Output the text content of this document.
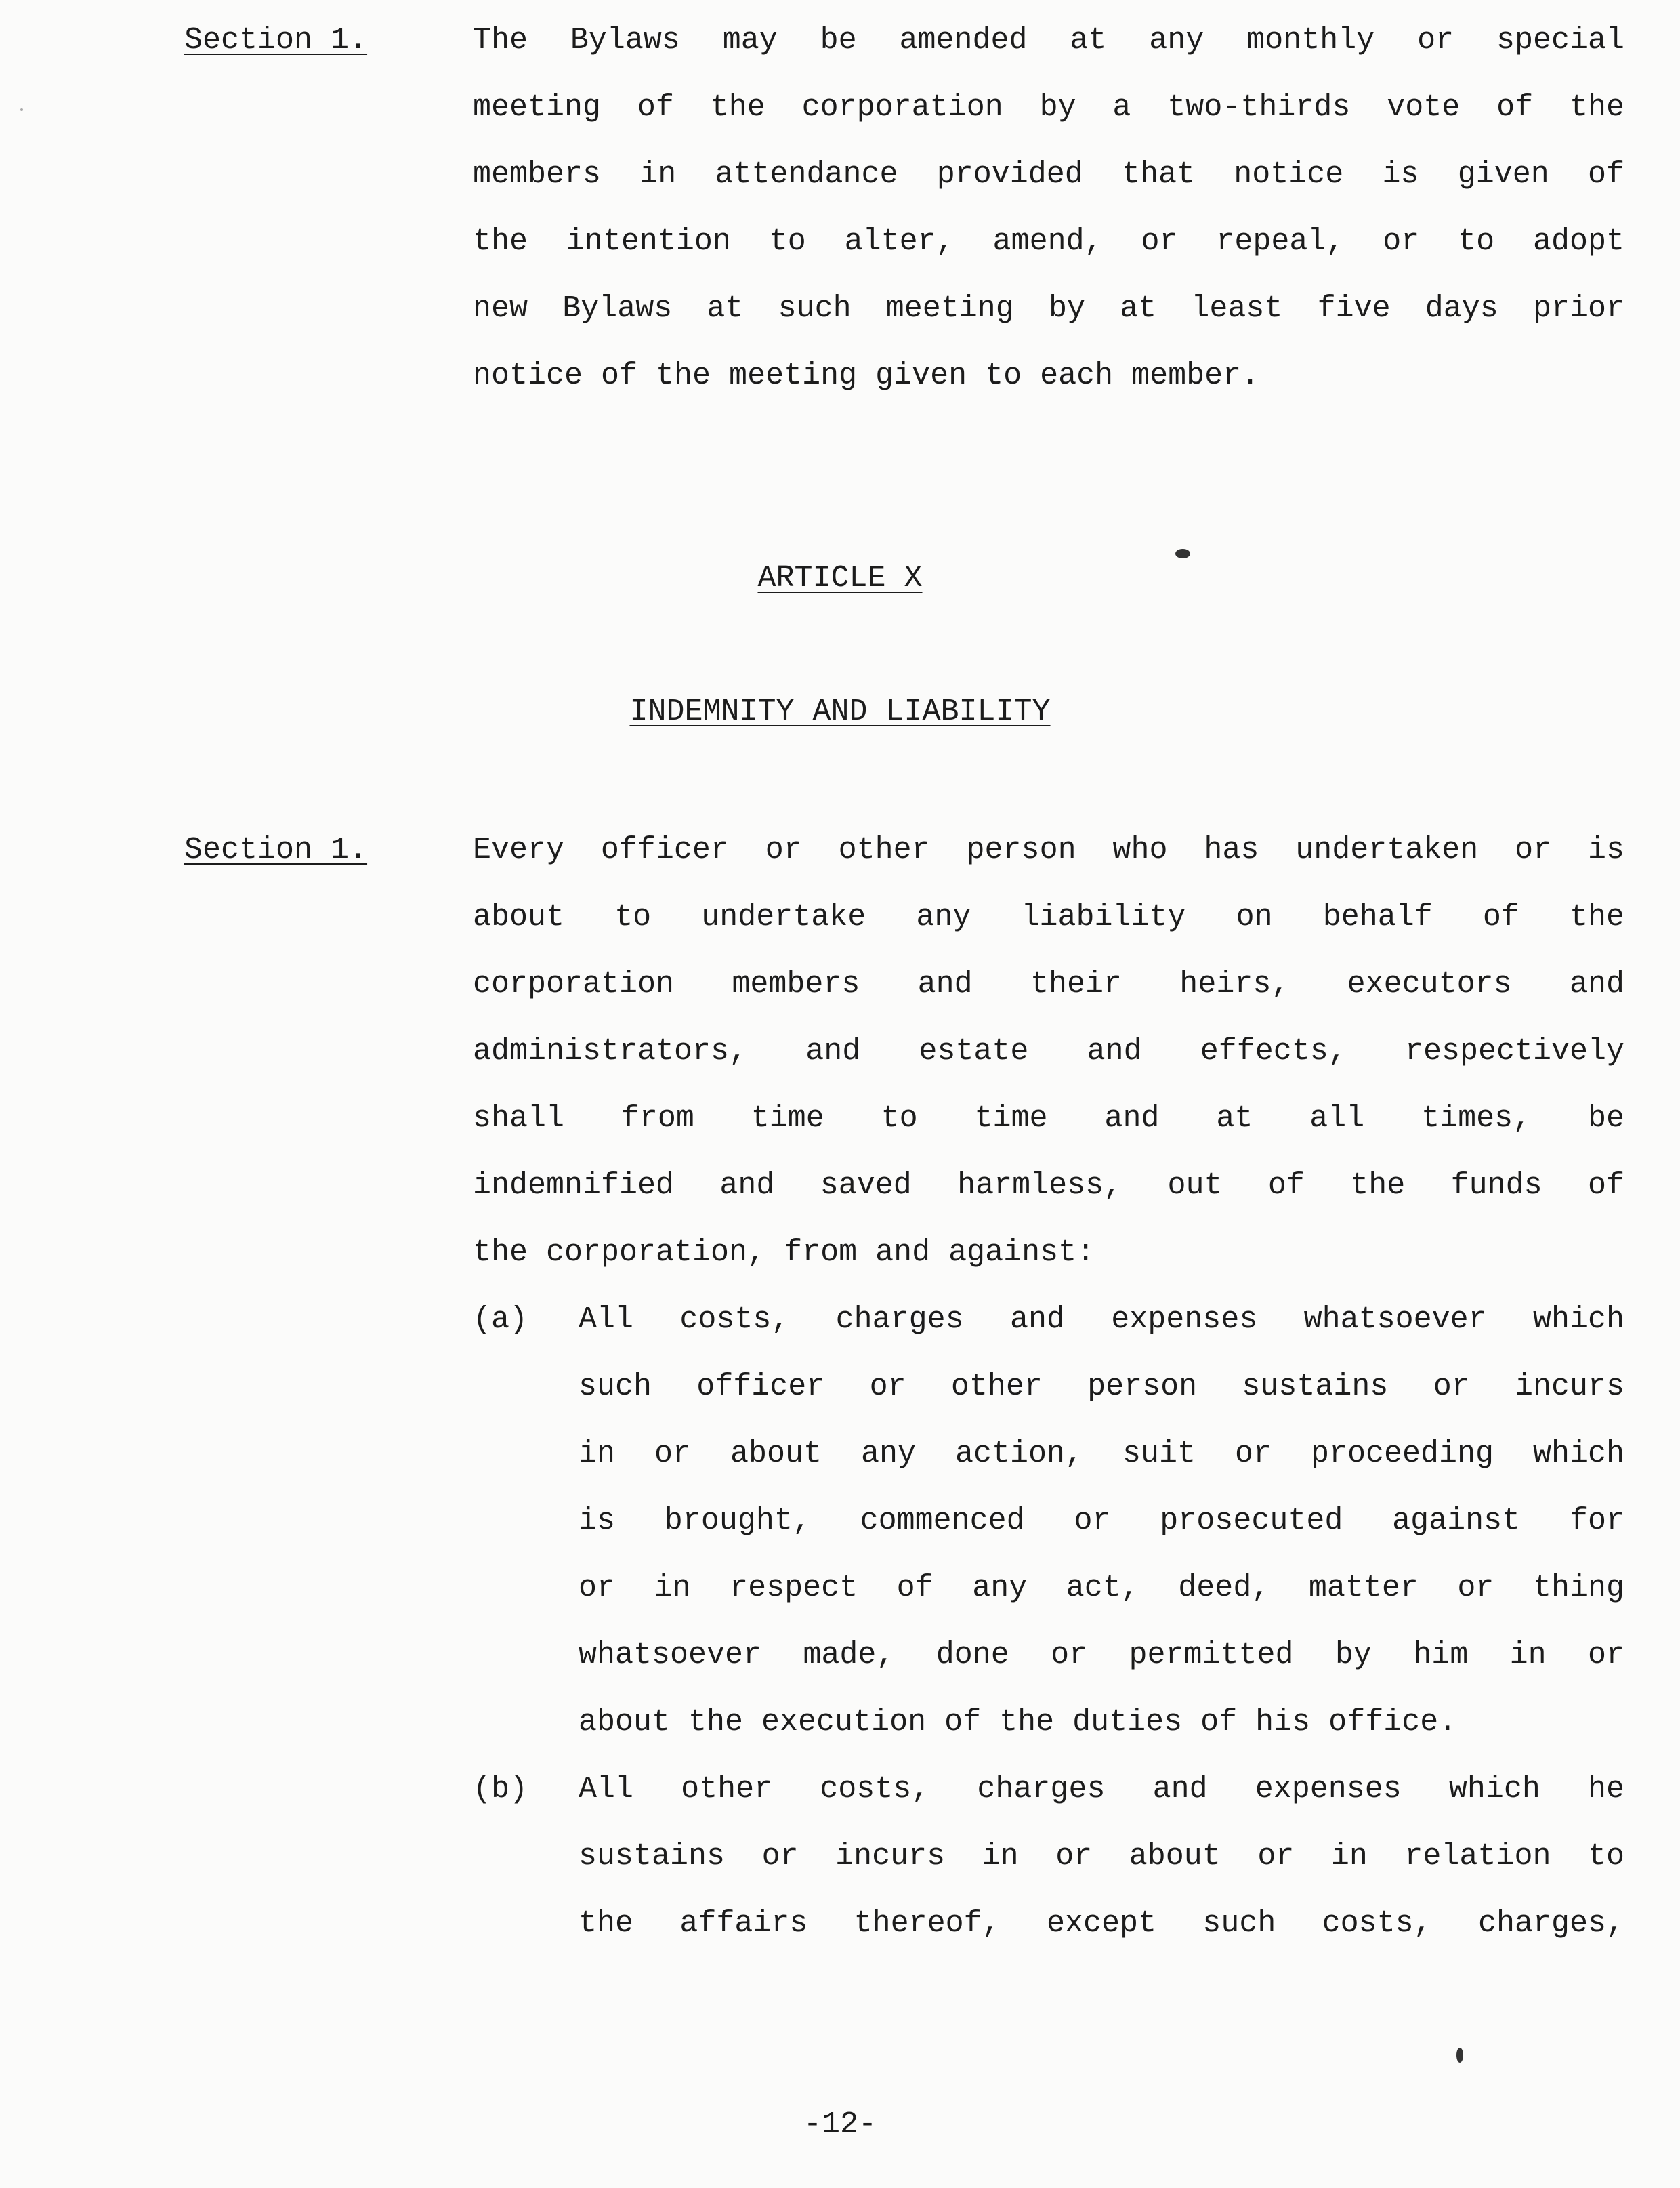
Section 1.	The Bylaws may be amended at any monthly or special
meeting of the corporation by a two-thirds vote of the
members in attendance provided that notice is given of
the intention to alter, amend, or repeal, or to adopt
new Bylaws at such meeting by at least five days prior
notice of the meeting given to each member.
ARTICLE X
INDEMNITY AND LIABILITY
Section 1.	Every officer or other person who has undertaken or is
about to undertake any liability on behalf of the
corporation members and their heirs, executors and
administrators, and estate and effects, respectively
shall from time to time and at all times, be
indemnified and saved harmless, out of the funds of
the corporation, from and against:
(a) All costs, charges and expenses whatsoever which
such officer or other person sustains or incurs
in or about any action, suit or proceeding which
is brought, commenced or prosecuted against for
or in respect of any act, deed, matter or thing
whatsoever made, done or permitted by him in or
about the execution of the duties of his office.
(b) All other costs, charges and expenses which he
sustains or incurs in or about or in relation to
the affairs thereof, except such costs, charges,
-12-
